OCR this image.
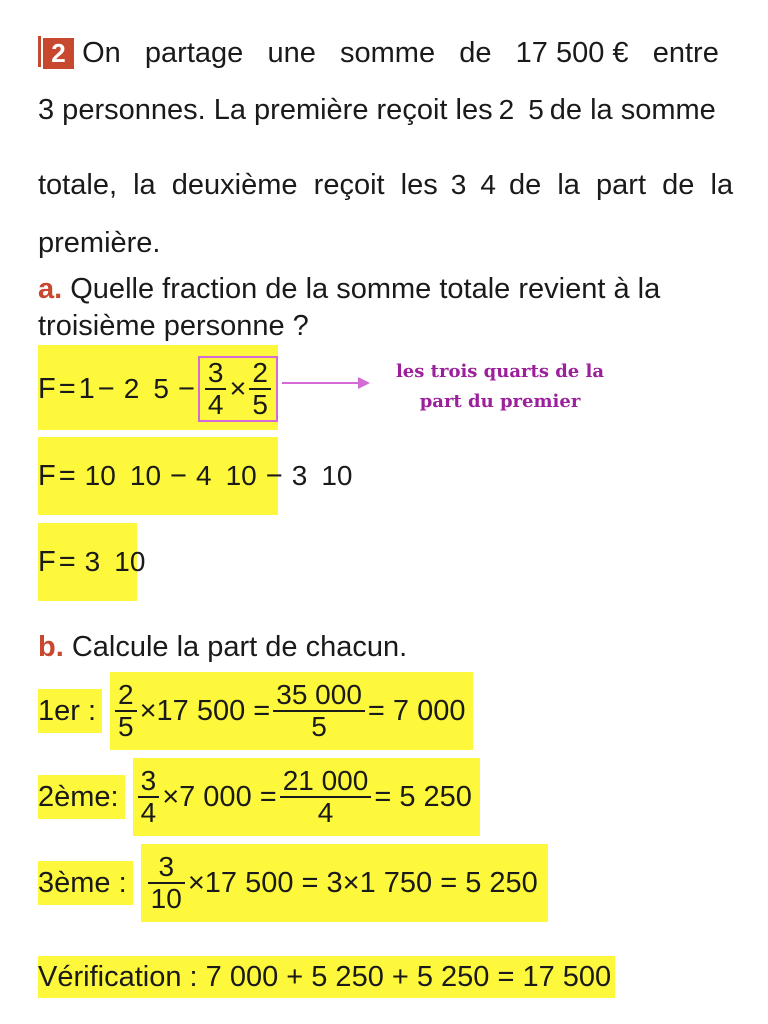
2 On   partage   une   somme   de   17 500 €   entre
3 personnes. La première reçoit les 2 5 de la somme
totale,  la  deuxième  reçoit  les 3 4 de  la  part  de  la
première.
a. Quelle fraction de la somme totale revient à la
troisième personne ?
F = 1 − 2 $5 - \frac{3}{4} \times \frac{2}{5}$	les trois quarts de la
part du premier
F = 10 10 − 4 10 − 3 10
F = 3 10
b. Calcule la part de chacun.
1er : $\frac{2}{5} \times 17$ $500 = \frac{35 000}{5} = 7$ 000
2ème: $\frac{3}{4} \times 7$ $000 = \frac{21 000}{4} = 5$ 250
3ème : $\frac{3}{10} \times 17$ 500 = 3×1 750 = 5 250
Vérification : 7 000 + 5 250 + 5 250 = 17 500
